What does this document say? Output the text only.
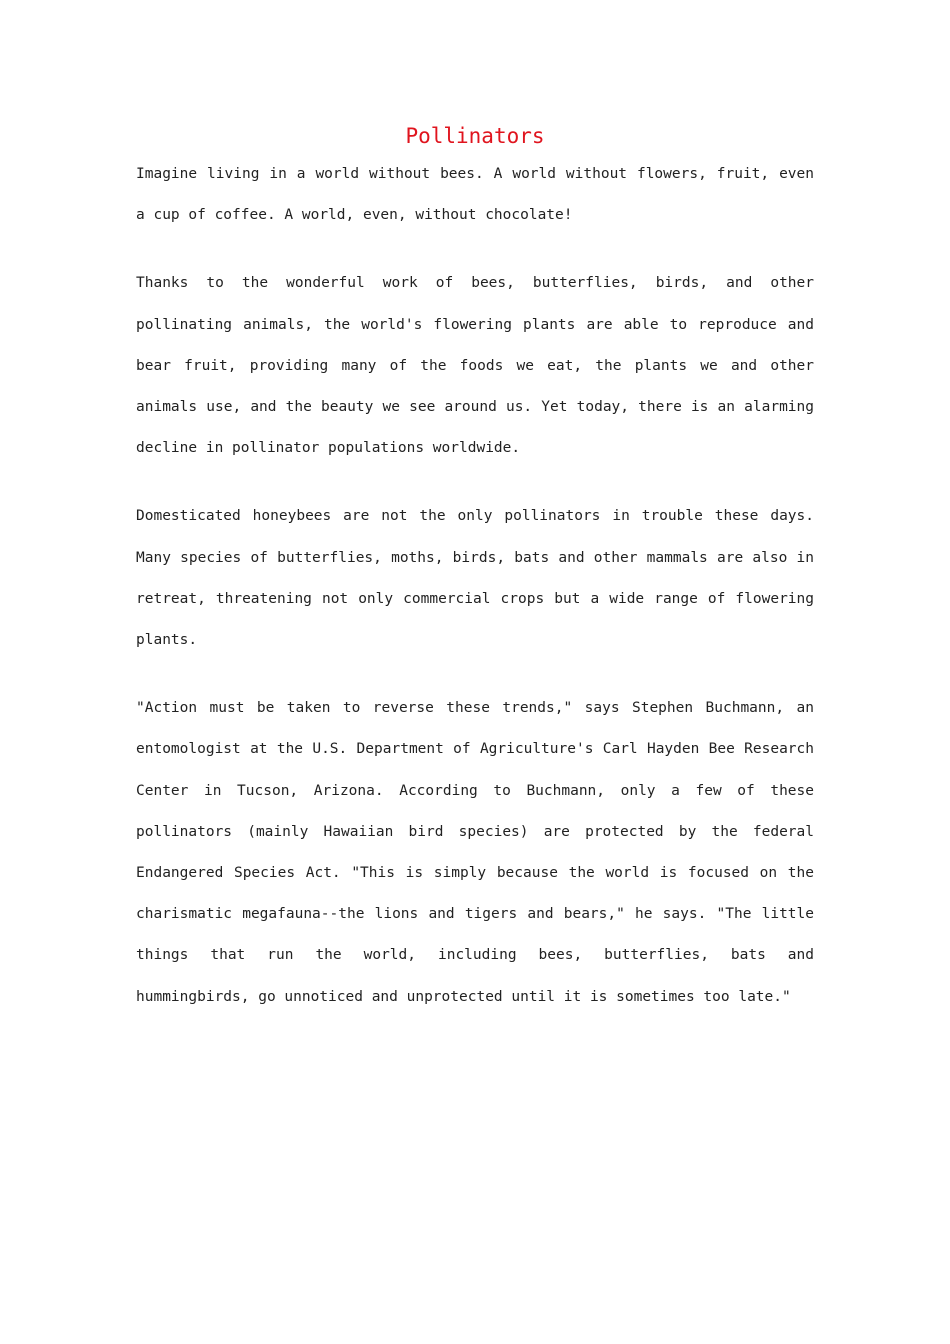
Pollinators

Imagine living in a world without bees. A world without flowers, fruit, even a cup of coffee. A world, even, without chocolate!

Thanks to the wonderful work of bees, butterflies, birds, and other pollinating animals, the world's flowering plants are able to reproduce and bear fruit, providing many of the foods we eat, the plants we and other animals use, and the beauty we see around us. Yet today, there is an alarming decline in pollinator populations worldwide.

Domesticated honeybees are not the only pollinators in trouble these days. Many species of butterflies, moths, birds, bats and other mammals are also in retreat, threatening not only commercial crops but a wide range of flowering plants.

"Action must be taken to reverse these trends," says Stephen Buchmann, an entomologist at the U.S. Department of Agriculture's Carl Hayden Bee Research Center in Tucson, Arizona. According to Buchmann, only a few of these pollinators (mainly Hawaiian bird species) are protected by the federal Endangered Species Act. "This is simply because the world is focused on the charismatic megafauna--the lions and tigers and bears," he says. "The little things that run the world, including bees, butterflies, bats and hummingbirds, go unnoticed and unprotected until it is sometimes too late."
